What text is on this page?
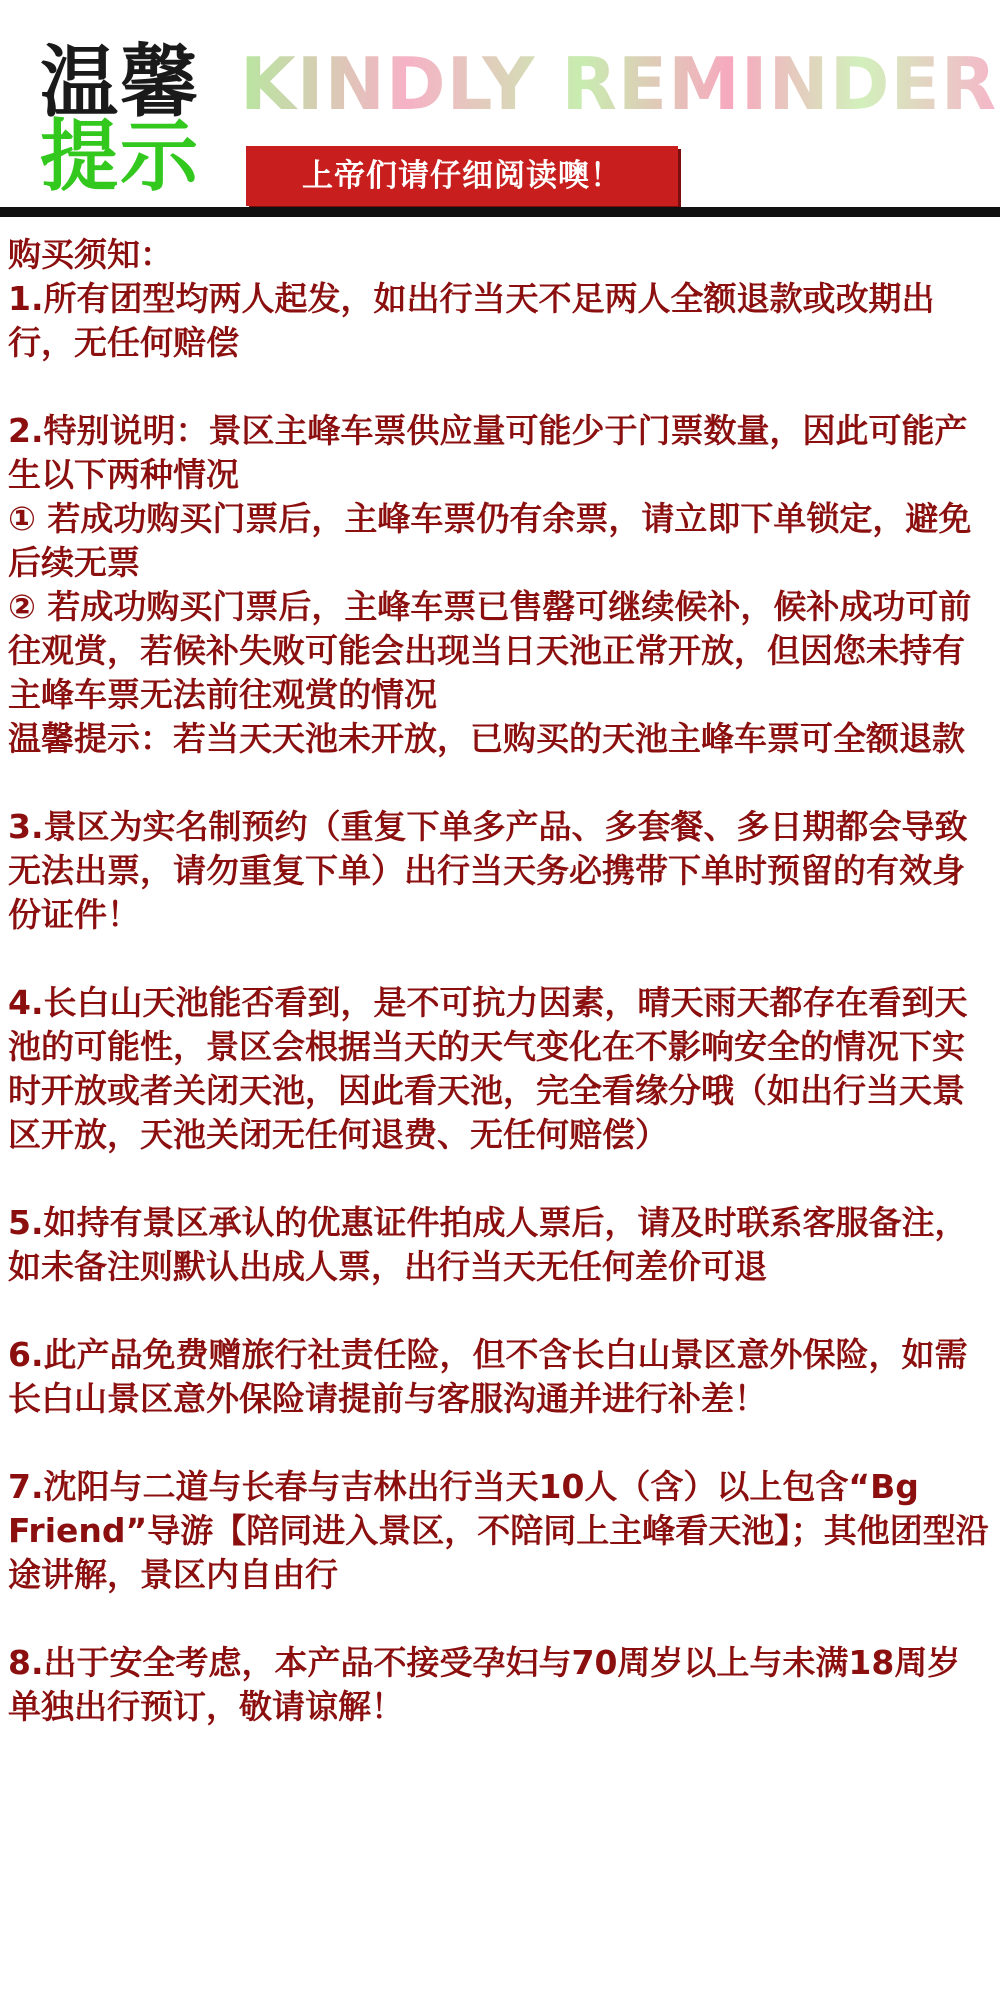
温馨
提示
KINDLY REMINDER
上帝们请仔细阅读噢！

购买须知：

1.所有团型均两人起发，如出行当天不足两人全额退款或改期出行，无任何赔偿

2.特别说明：景区主峰车票供应量可能少于门票数量，因此可能产生以下两种情况

① 若成功购买门票后，主峰车票仍有余票，请立即下单锁定，避免后续无票

② 若成功购买门票后，主峰车票已售罄可继续候补，候补成功可前往观赏，若候补失败可能会出现当日天池正常开放，但因您未持有主峰车票无法前往观赏的情况

温馨提示：若当天天池未开放，已购买的天池主峰车票可全额退款

3.景区为实名制预约（重复下单多产品、多套餐、多日期都会导致无法出票，请勿重复下单）出行当天务必携带下单时预留的有效身份证件！

4.长白山天池能否看到，是不可抗力因素，晴天雨天都存在看到天池的可能性，景区会根据当天的天气变化在不影响安全的情况下实时开放或者关闭天池，因此看天池，完全看缘分哦（如出行当天景区开放，天池关闭无任何退费、无任何赔偿）

5.如持有景区承认的优惠证件拍成人票后，请及时联系客服备注，如未备注则默认出成人票，出行当天无任何差价可退

6.此产品免费赠旅行社责任险，但不含长白山景区意外保险，如需长白山景区意外保险请提前与客服沟通并进行补差！

7.沈阳与二道与长春与吉林出行当天10人（含）以上包含“Bg Friend”导游【陪同进入景区，不陪同上主峰看天池】；其他团型沿途讲解，景区内自由行

8.出于安全考虑，本产品不接受孕妇与70周岁以上与未满18周岁单独出行预订，敬请谅解！
